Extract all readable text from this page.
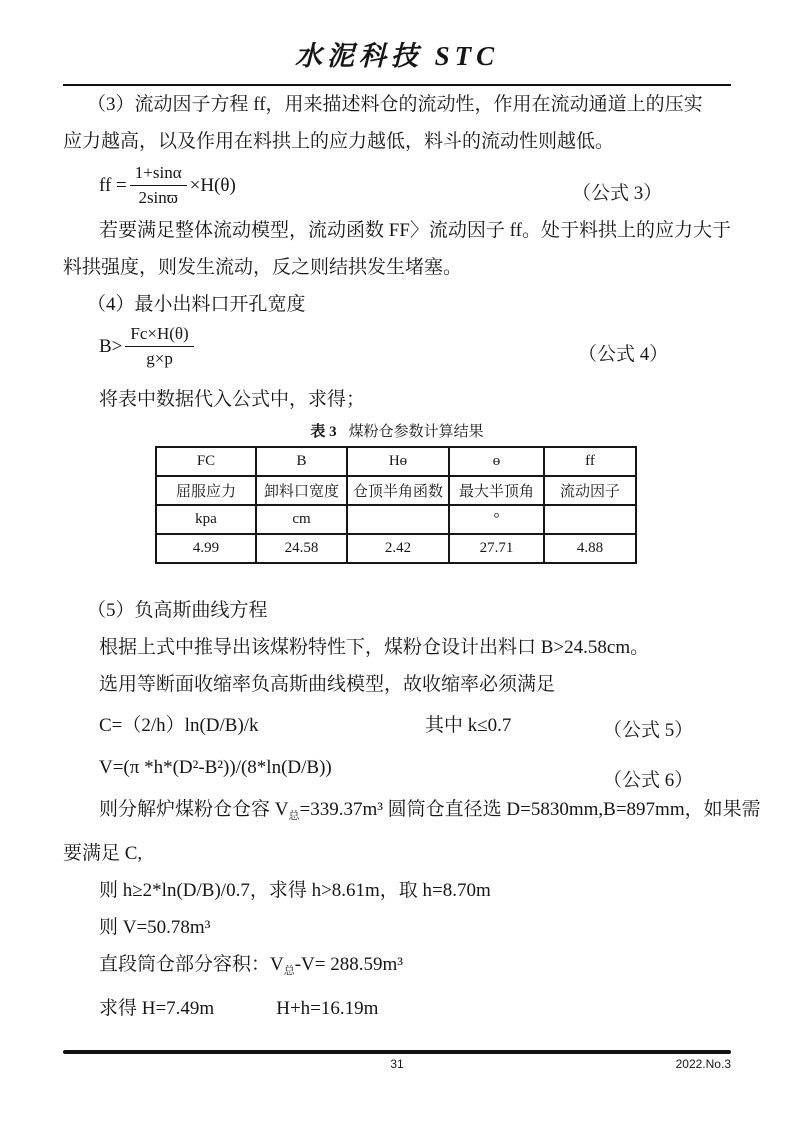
水泥科技 STC
（3）流动因子方程 ff，用来描述料仓的流动性，作用在流动通道上的压实
应力越高，以及作用在料拱上的应力越低，料斗的流动性则越低。
ff = $\frac{1+\sin\alpha}{2\sin ϖ} \times H(\theta)$	（公式 3）
若要满足整体流动模型，流动函数 FF〉流动因子 ff。处于料拱上的应力大于
料拱强度，则发生流动，反之则结拱发生堵塞。
（4）最小出料口开孔宽度
$B> \frac{Fc\times H(\theta)}{g\times p}$	（公式 4）
将表中数据代入公式中，求得；
表 3 煤粉仓参数计算结果
FC	B	Hө	ө	ff
屈服应力	卸料口宽度	仓顶半角函数	最大半顶角	流动因子
kpa	cm		°	
4.99	24.58	2.42	27.71	4.88
（5）负高斯曲线方程
根据上式中推导出该煤粉特性下，煤粉仓设计出料口 B>24.58cm。
选用等断面收缩率负高斯曲线模型，故收缩率必须满足
C=（2/h）ln(D/B)/k	其中 k≤0.7	（公式 5）
V=(π *h*(D²-B²))/(8*ln(D/B))
（公式 6）
则分解炉煤粉仓仓容 $V_总=339.37m^3$ 圆筒仓直径选 D=5830mm,B=897mm，如果需
要满足 C,
则 h≥2*ln(D/B)/0.7，求得 h>8.61m，取 h=8.70m
则 V=50.78m³
直段筒仓部分容积：$V_总-V= 288.59m^3$
求得 H=7.49m	H+h=16.19m
31	2022.No.3
